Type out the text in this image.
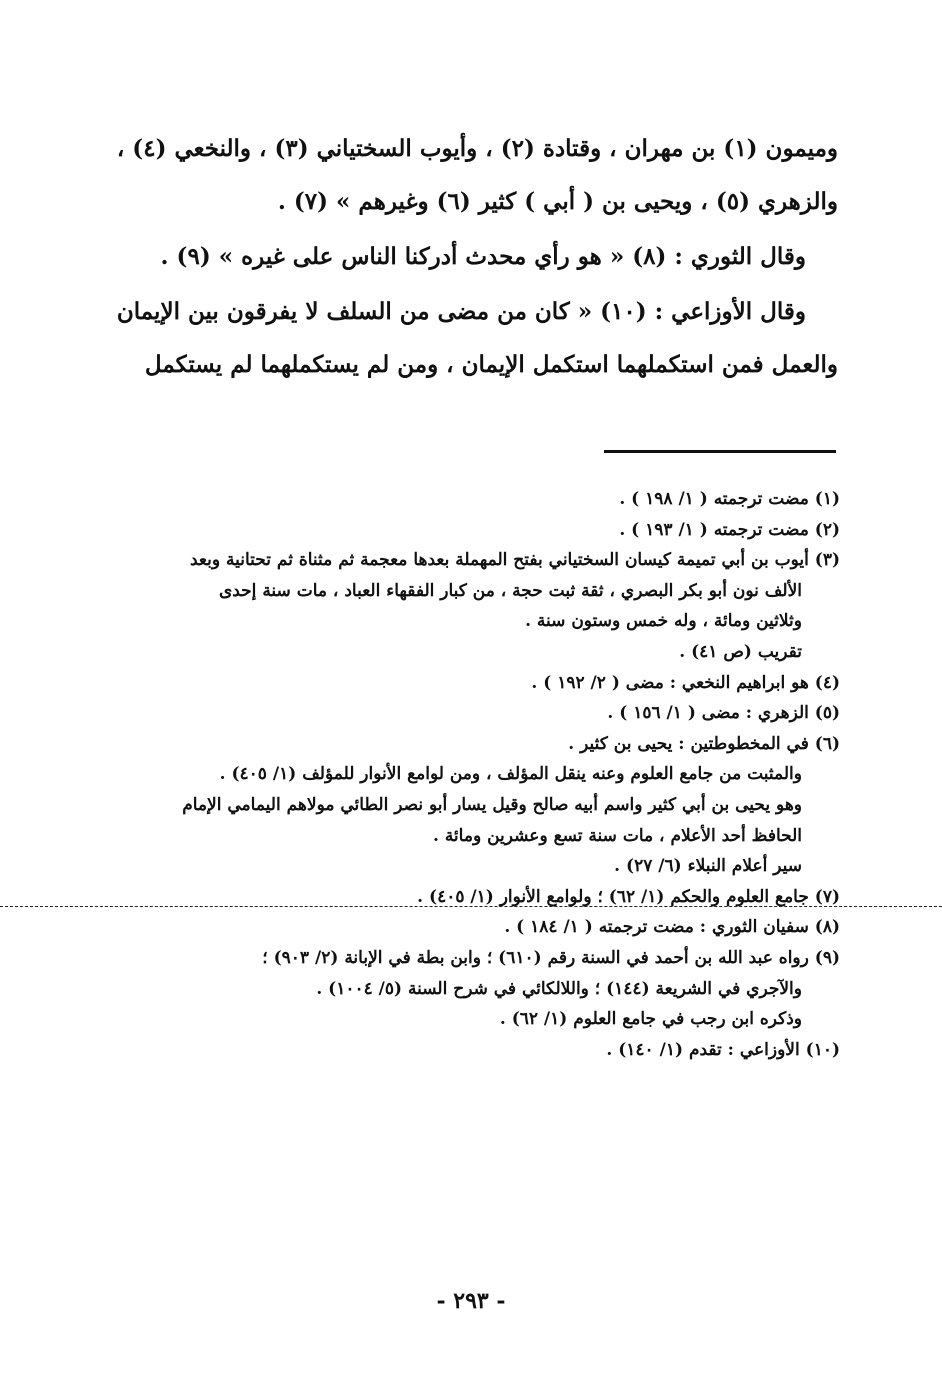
وميمون (١) بن مهران ، وقتادة (٢) ، وأيوب السختياني (٣) ، والنخعي (٤) ،
والزهري (٥) ، ويحيى بن ( أبي ) كثير (٦) وغيرهم » (٧) .
وقال الثوري : (٨) « هو رأي محدث أدركنا الناس على غيره » (٩) .
وقال الأوزاعي : (١٠) « كان من مضى من السلف لا يفرقون بين الإيمان
والعمل فمن استكملهما استكمل الإيمان ، ومن لم يستكملهما لم يستكمل
(١) مضت ترجمته ( ١/ ١٩٨ ) .
(٢) مضت ترجمته ( ١/ ١٩٣ ) .
(٣) أيوب بن أبي تميمة كيسان السختياني بفتح المهملة بعدها معجمة ثم مثناة ثم تحتانية وبعد
الألف نون أبو بكر البصري ، ثقة ثبت حجة ، من كبار الفقهاء العباد ، مات سنة إحدى
وثلاثين ومائة ، وله خمس وستون سنة .
تقريب (ص ٤١) .
(٤) هو ابراهيم النخعي : مضى ( ٢/ ١٩٢ ) .
(٥) الزهري : مضى ( ١/ ١٥٦ ) .
(٦) في المخطوطتين : يحيى بن كثير .
والمثبت من جامع العلوم وعنه ينقل المؤلف ، ومن لوامع الأنوار للمؤلف (١/ ٤٠٥) .
وهو يحيى بن أبي كثير واسم أبيه صالح وقيل يسار أبو نصر الطائي مولاهم اليمامي الإمام
الحافظ أحد الأعلام ، مات سنة تسع وعشرين ومائة .
سير أعلام النبلاء (٦/ ٢٧) .
(٧) جامع العلوم والحكم (١/ ٦٢) ؛ ولوامع الأنوار (١/ ٤٠٥) .
(٨) سفيان الثوري : مضت ترجمته ( ١/ ١٨٤ ) .
(٩) رواه عبد الله بن أحمد في السنة رقم (٦١٠) ؛ وابن بطة في الإبانة (٢/ ٩٠٣) ؛
والآجري في الشريعة (١٤٤) ؛ واللالكائي في شرح السنة (٥/ ١٠٠٤) .
وذكره ابن رجب في جامع العلوم (١/ ٦٢) .
(١٠) الأوزاعي : تقدم (١/ ١٤٠) .
- ٢٩٣ -
